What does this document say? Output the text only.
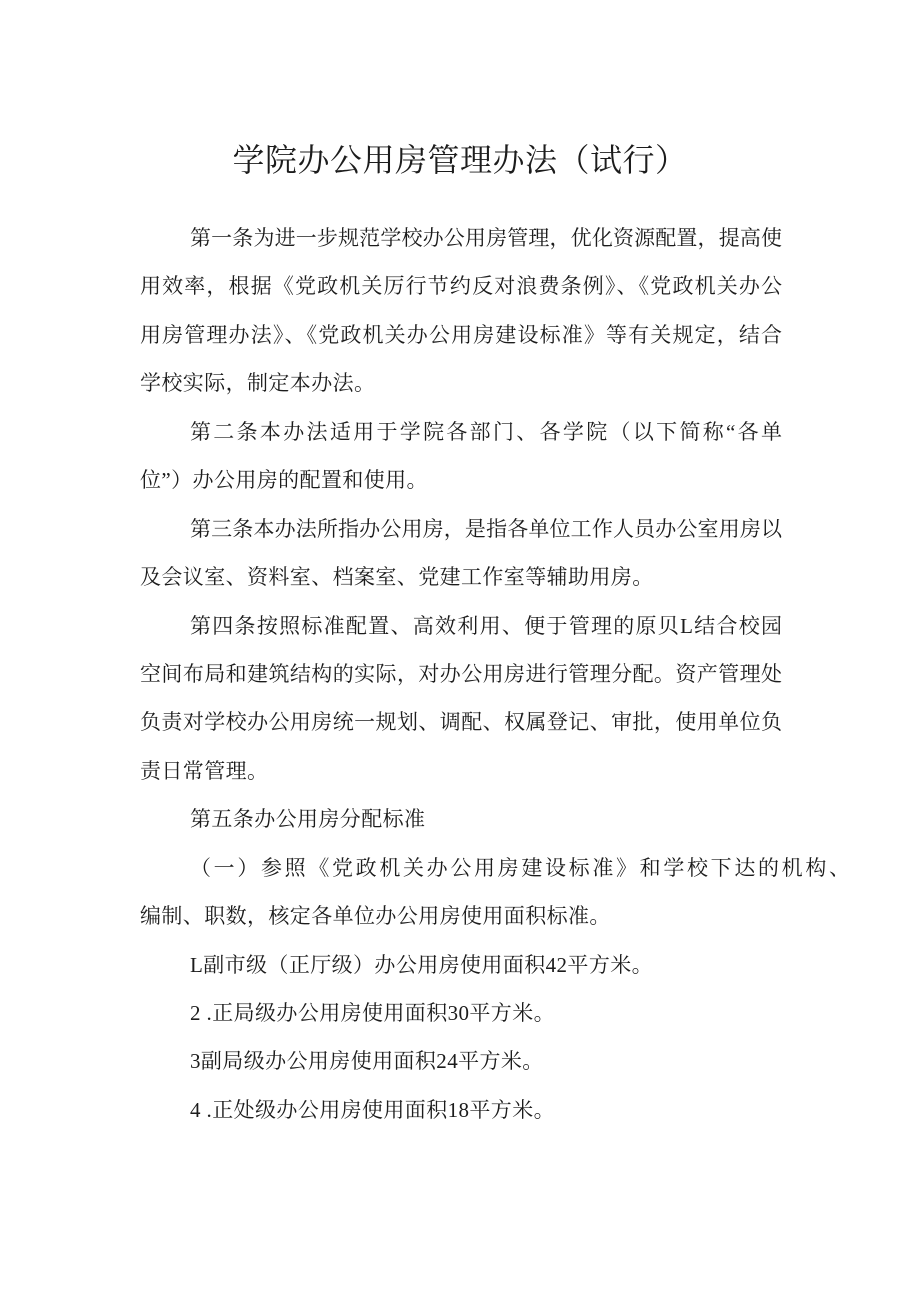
学院办公用房管理办法（试行）
第一条为进一步规范学校办公用房管理，优化资源配置，提高使
用效率，根据《党政机关厉行节约反对浪费条例》、《党政机关办公
用房管理办法》、《党政机关办公用房建设标准》等有关规定，结合
学校实际，制定本办法。
第二条本办法适用于学院各部门、各学院（以下简称“各单
位”）办公用房的配置和使用。
第三条本办法所指办公用房，是指各单位工作人员办公室用房以
及会议室、资料室、档案室、党建工作室等辅助用房。
第四条按照标准配置、高效利用、便于管理的原贝L结合校园
空间布局和建筑结构的实际，对办公用房进行管理分配。资产管理处
负责对学校办公用房统一规划、调配、权属登记、审批，使用单位负
责日常管理。
第五条办公用房分配标准
（一）参照《党政机关办公用房建设标准》和学校下达的机构、
编制、职数，核定各单位办公用房使用面积标准。
L副市级（正厅级）办公用房使用面积42平方米。
2 .正局级办公用房使用面积30平方米。
3副局级办公用房使用面积24平方米。
4 .正处级办公用房使用面积18平方米。
